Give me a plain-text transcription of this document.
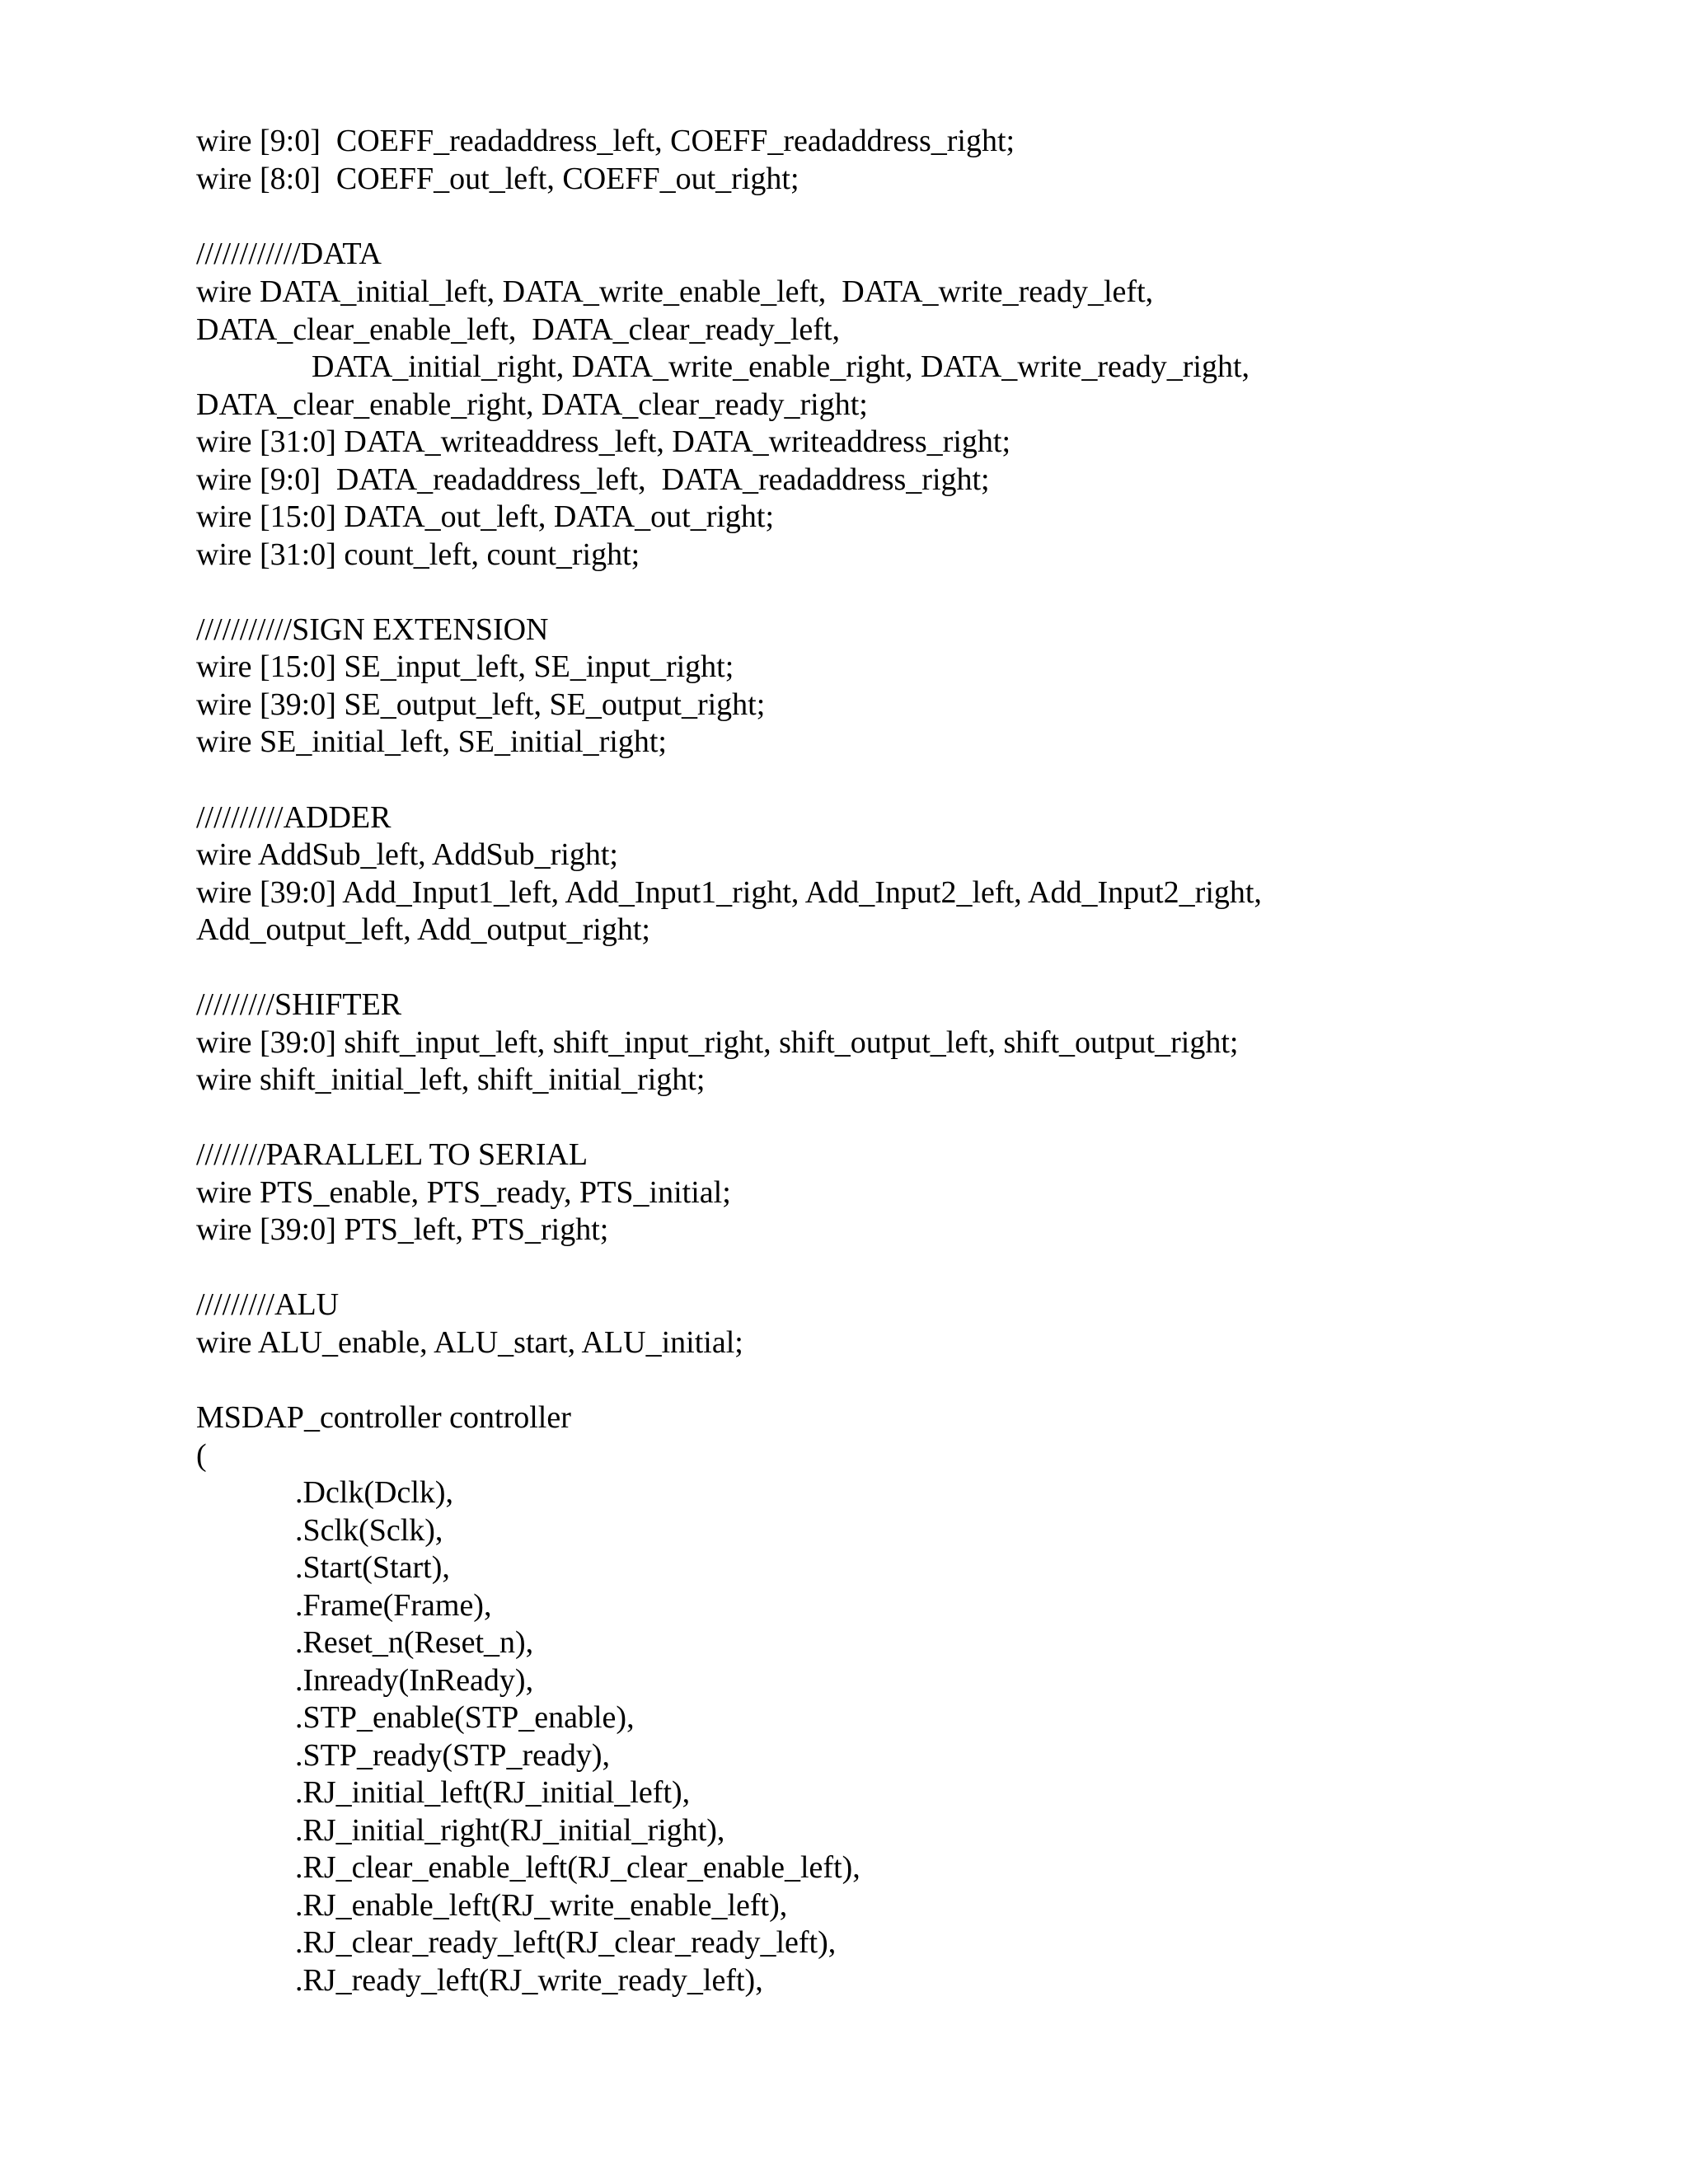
wire [9:0]  COEFF_readaddress_left, COEFF_readaddress_right;
wire [8:0]  COEFF_out_left, COEFF_out_right;
////////////DATA
wire DATA_initial_left, DATA_write_enable_left,  DATA_write_ready_left,
DATA_clear_enable_left,  DATA_clear_ready_left,
DATA_initial_right, DATA_write_enable_right, DATA_write_ready_right,
DATA_clear_enable_right, DATA_clear_ready_right;
wire [31:0] DATA_writeaddress_left, DATA_writeaddress_right;
wire [9:0]  DATA_readaddress_left,  DATA_readaddress_right;
wire [15:0] DATA_out_left, DATA_out_right;
wire [31:0] count_left, count_right;
///////////SIGN EXTENSION
wire [15:0] SE_input_left, SE_input_right;
wire [39:0] SE_output_left, SE_output_right;
wire SE_initial_left, SE_initial_right;
//////////ADDER
wire AddSub_left, AddSub_right;
wire [39:0] Add_Input1_left, Add_Input1_right, Add_Input2_left, Add_Input2_right,
Add_output_left, Add_output_right;
/////////SHIFTER
wire [39:0] shift_input_left, shift_input_right, shift_output_left, shift_output_right;
wire shift_initial_left, shift_initial_right;
////////PARALLEL TO SERIAL
wire PTS_enable, PTS_ready, PTS_initial;
wire [39:0] PTS_left, PTS_right;
/////////ALU
wire ALU_enable, ALU_start, ALU_initial;
MSDAP_controller controller
(
.Dclk(Dclk),
.Sclk(Sclk),
.Start(Start),
.Frame(Frame),
.Reset_n(Reset_n),
.Inready(InReady),
.STP_enable(STP_enable),
.STP_ready(STP_ready),
.RJ_initial_left(RJ_initial_left),
.RJ_initial_right(RJ_initial_right),
.RJ_clear_enable_left(RJ_clear_enable_left),
.RJ_enable_left(RJ_write_enable_left),
.RJ_clear_ready_left(RJ_clear_ready_left),
.RJ_ready_left(RJ_write_ready_left),
